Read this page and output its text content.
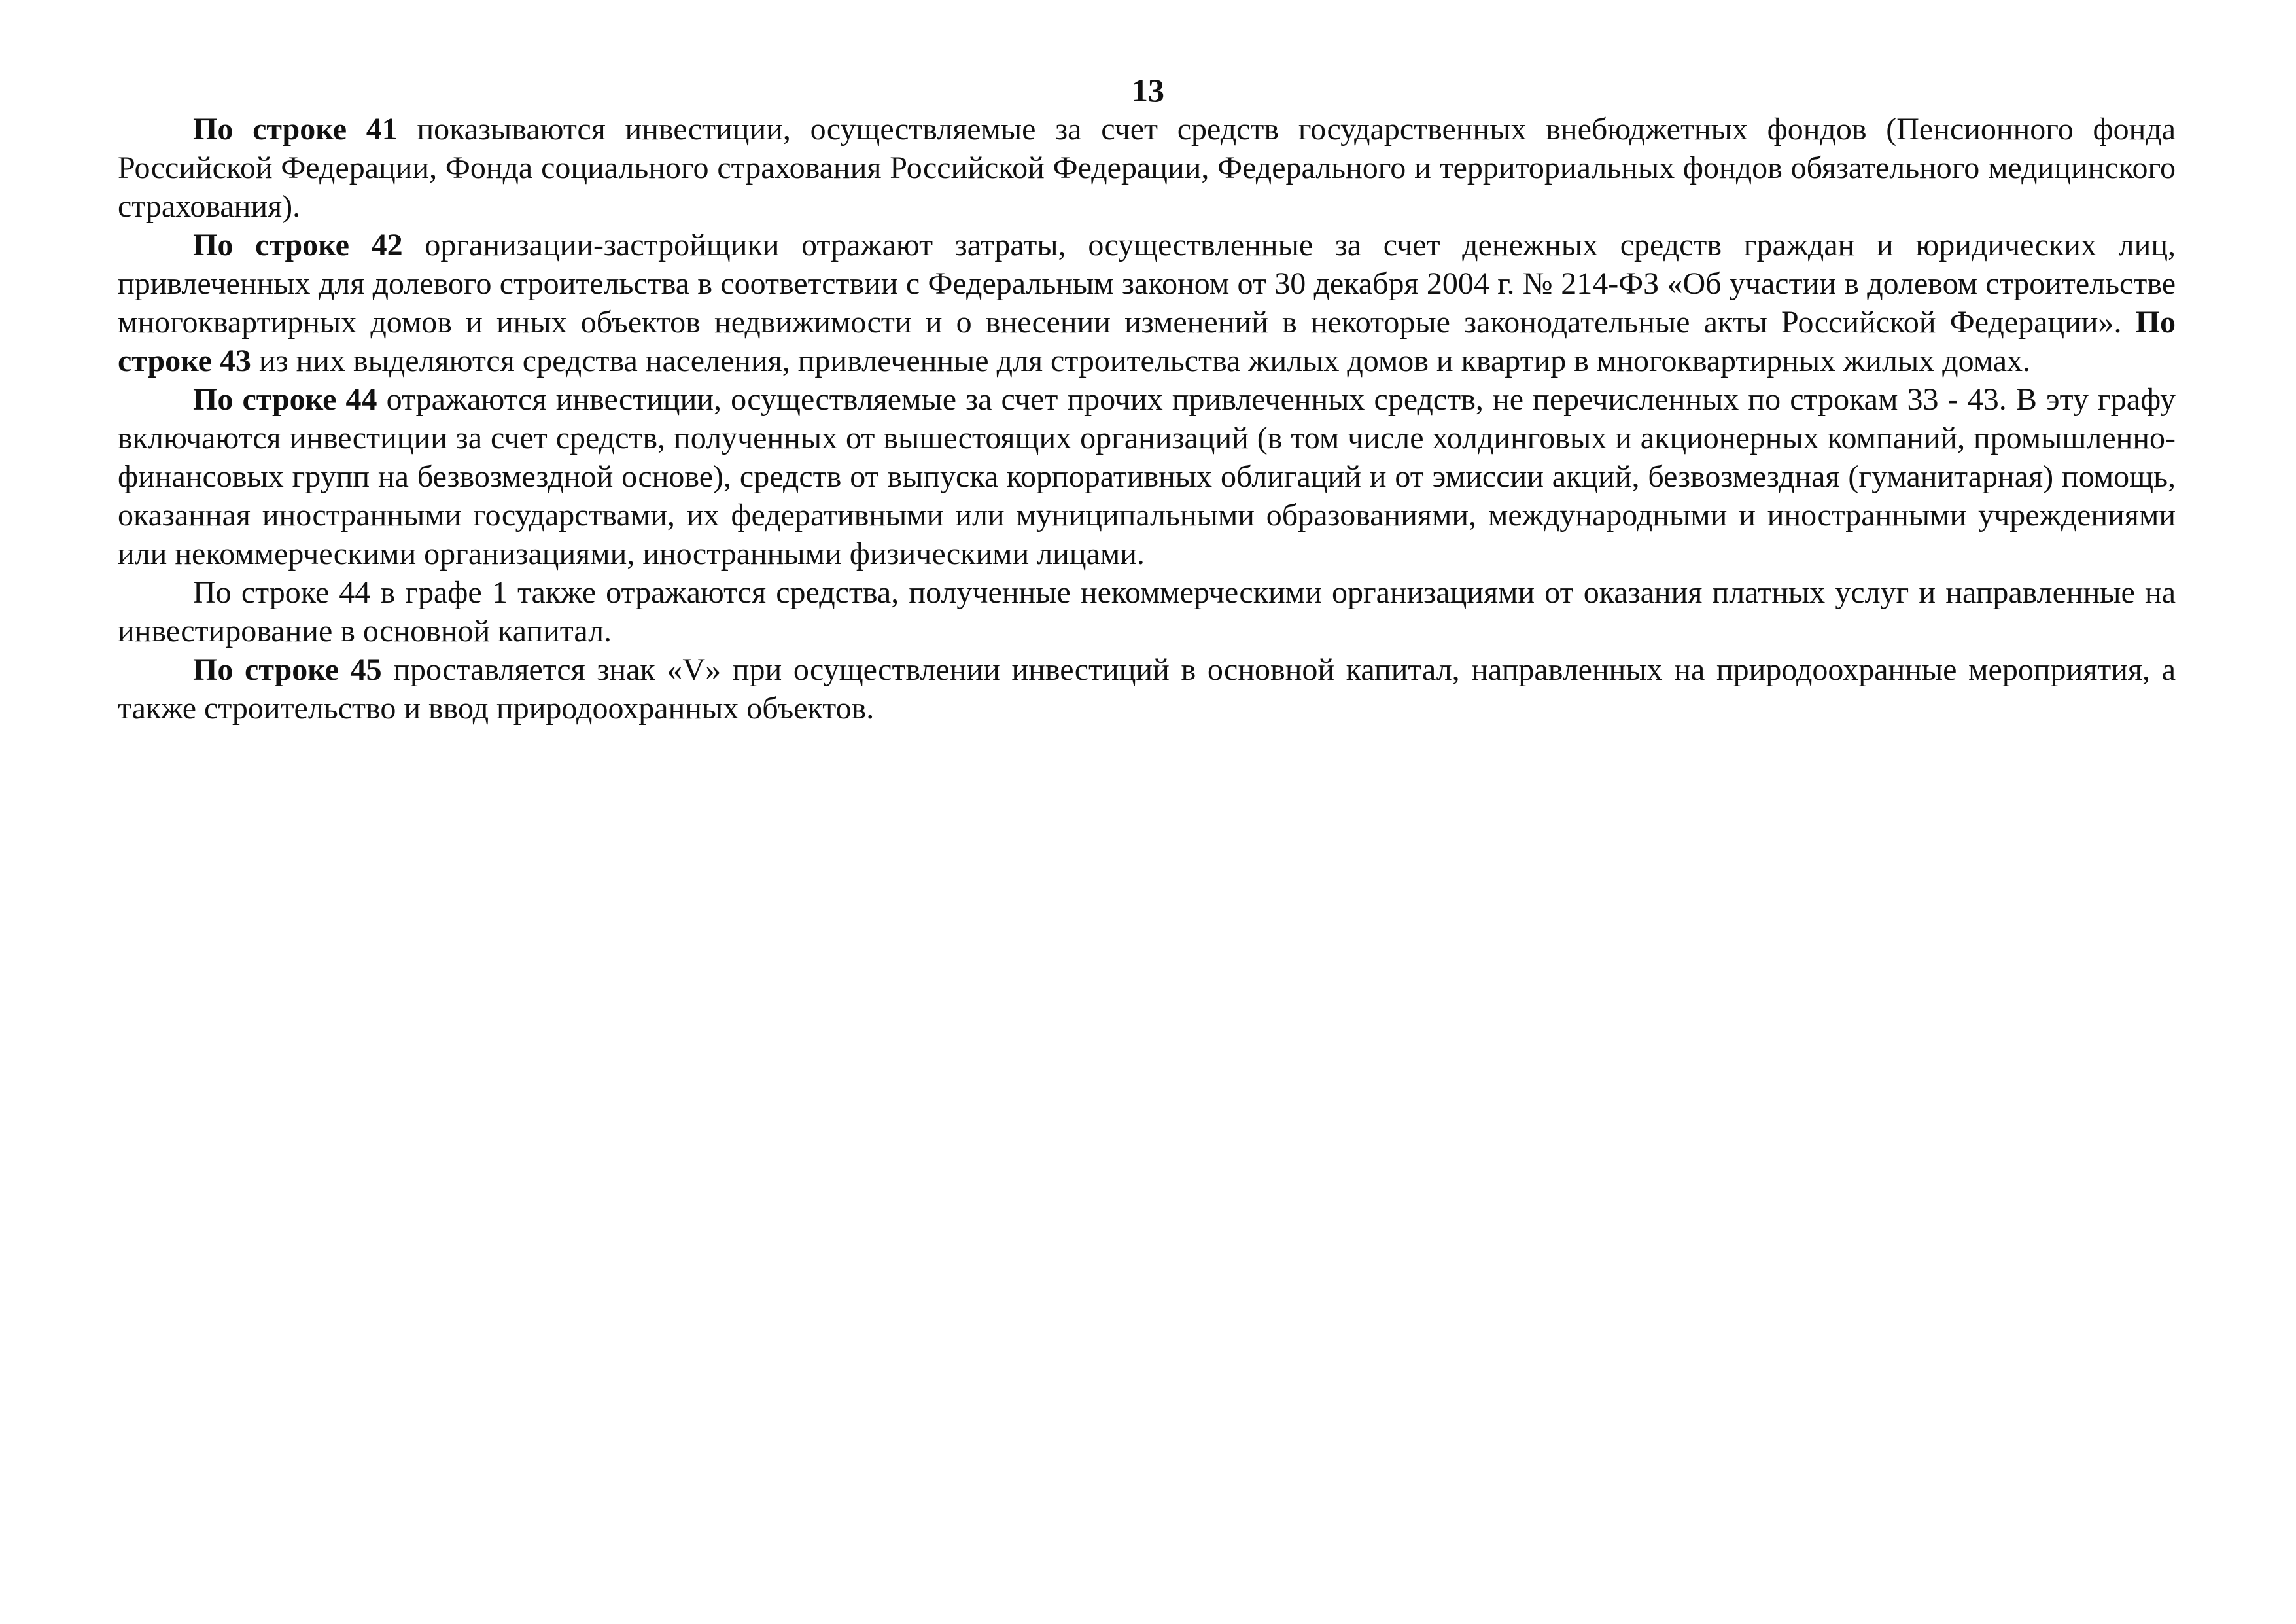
13

По строке 41 показываются инвестиции, осуществляемые за счет средств государственных внебюджетных фондов (Пенсионного фонда Российской Федерации, Фонда социального страхования Российской Федерации, Федерального и территориальных фондов обязательного медицинского страхования).

По строке 42 организации-застройщики отражают затраты, осуществленные за счет денежных средств граждан и юридических лиц, привлеченных для долевого строительства в соответствии с Федеральным законом от 30 декабря 2004 г. № 214-ФЗ «Об участии в долевом строительстве многоквартирных домов и иных объектов недвижимости и о внесении изменений в некоторые законодательные акты Российской Федерации». По строке 43 из них выделяются средства населения, привлеченные для строительства жилых домов и квартир в многоквартирных жилых домах.

По строке 44 отражаются инвестиции, осуществляемые за счет прочих привлеченных средств, не перечисленных по строкам 33 - 43. В эту графу включаются инвестиции за счет средств, полученных от вышестоящих организаций (в том числе холдинговых и акционерных компаний, промышленно-финансовых групп на безвозмездной основе), средств от выпуска корпоративных облигаций и от эмиссии акций, безвозмездная (гуманитарная) помощь, оказанная иностранными государствами, их федеративными или муниципальными образованиями, международными и иностранными учреждениями или некоммерческими организациями, иностранными физическими лицами.

По строке 44 в графе 1 также отражаются средства, полученные некоммерческими организациями от оказания платных услуг и направленные на инвестирование в основной капитал.

По строке 45 проставляется знак «V» при осуществлении инвестиций в основной капитал, направленных на природоохранные мероприятия, а также строительство и ввод природоохранных объектов.
